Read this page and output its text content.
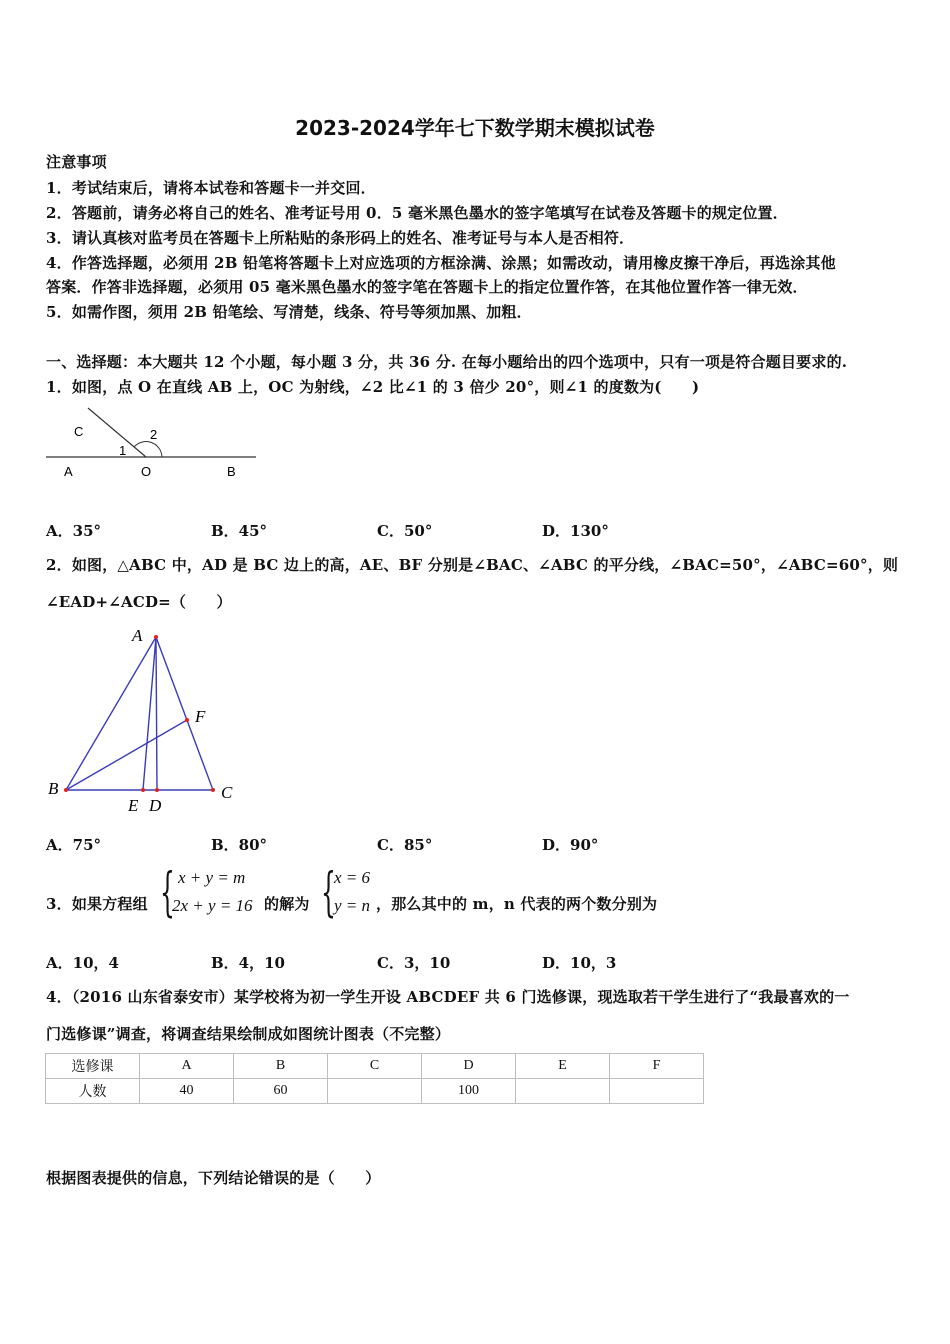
2023-2024学年七下数学期末模拟试卷
注意事项
1．考试结束后，请将本试卷和答题卡一并交回．
2．答题前，请务必将自己的姓名、准考证号用 0．5 毫米黑色墨水的签字笔填写在试卷及答题卡的规定位置．
3．请认真核对监考员在答题卡上所粘贴的条形码上的姓名、准考证号与本人是否相符．
4．作答选择题，必须用 2B 铅笔将答题卡上对应选项的方框涂满、涂黑；如需改动，请用橡皮擦干净后，再选涂其他
答案．作答非选择题，必须用 05 毫米黑色墨水的签字笔在答题卡上的指定位置作答，在其他位置作答一律无效．
5．如需作图，须用 2B 铅笔绘、写清楚，线条、符号等须加黑、加粗．
一、选择题：本大题共 12 个小题，每小题 3 分，共 36 分. 在每小题给出的四个选项中，只有一项是符合题目要求的.
1．如图，点 O 在直线 AB 上，OC 为射线，∠2 比∠1 的 3 倍少 20°，则∠1 的度数为(　　)
C
1
2
A	O	B
A．35°	B．45°	C．50°	D．130°
2．如图，△ABC 中，AD 是 BC 边上的高，AE、BF 分别是∠BAC、∠ABC 的平分线，∠BAC=50°，∠ABC=60°，则
∠EAD+∠ACD=（　　）
A
B	C
E D
F
A．75°	B．80°	C．85°	D．90°
3．如果方程组 { x + y = m
2x + y = 16 的解为 {
x = 6
y = n ，那么其中的 m，n 代表的两个数分别为
A．10，4	B．4，10	C．3，10	D．10，3
4．（2016 山东省泰安市）某学校将为初一学生开设 ABCDEF 共 6 门选修课，现选取若干学生进行了“我最喜欢的一
门选修课”调查，将调查结果绘制成如图统计图表（不完整）
选修课	A	B	C	D	E	F
人数	40	60		100		
根据图表提供的信息，下列结论错误的是（　　）
